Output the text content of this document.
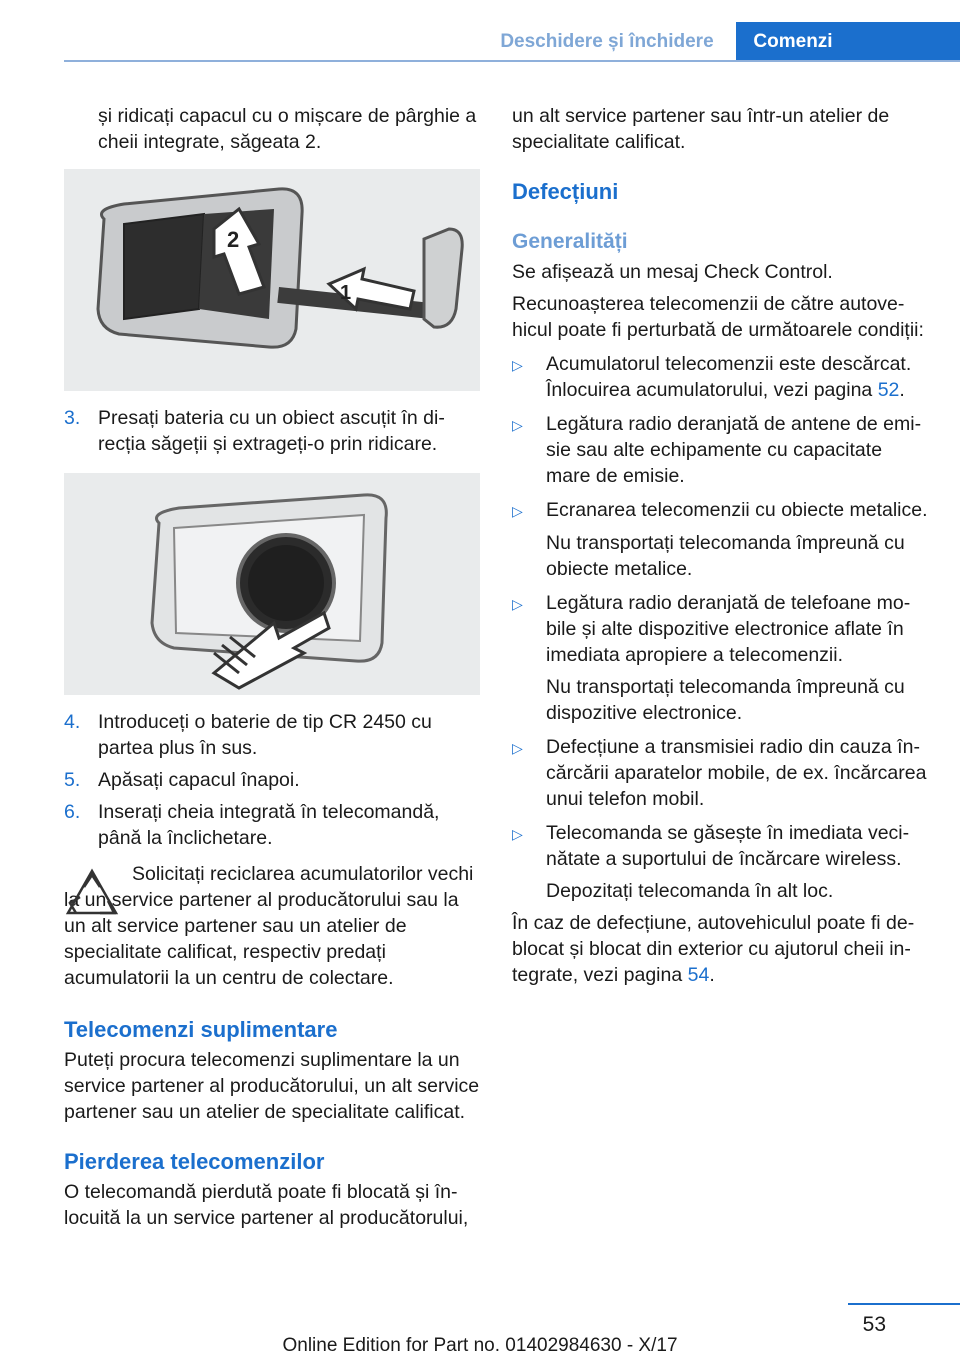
Deschidere și închidere	Comenzi

și ridicați capacul cu o mișcare de pârghie a cheii integrate, săgeata 2.

2
1
3. Presați bateria cu un obiect ascuțit în direcția săgeții și extrageți-o prin ridicare.
4. Introduceți o baterie de tip CR 2450 cu partea plus în sus.
5. Apăsați capacul înapoi.
6. Inserați cheia integrată în telecomandă, până la înclichetare.

Solicitați reciclarea acumulatorilor vechi la un service partener al producătorului sau la un alt service partener sau un atelier de specialitate calificat, respectiv predați acumulatorii la un centru de colectare.

Telecomenzi suplimentare

Puteți procura telecomenzi suplimentare la un service partener al producătorului, un alt service partener sau un atelier de specialitate calificat.

Pierderea telecomenzilor

O telecomandă pierdută poate fi blocată și înlocuită la un service partener al producătorului,

un alt service partener sau într-un atelier de specialitate calificat.

Defecțiuni
Generalități

Se afișează un mesaj Check Control.

Recunoașterea telecomenzii de către autovehicul poate fi perturbată de următoarele condiții:

▷	Acumulatorul telecomenzii este descărcat. Înlocuirea acumulatorului, vezi pagina 52.
▷	Legătura radio deranjată de antene de emisie sau alte echipamente cu capacitate mare de emisie.
▷	Ecranarea telecomenzii cu obiecte metalice.

Nu transportați telecomanda împreună cu obiecte metalice.

▷	Legătura radio deranjată de telefoane mobile și alte dispozitive electronice aflate în imediata apropiere a telecomenzii.

Nu transportați telecomanda împreună cu dispozitive electronice.

▷	Defecțiune a transmisiei radio din cauza încărcării aparatelor mobile, de ex. încărcarea unui telefon mobil.
▷	Telecomanda se găsește în imediata vecinătate a suportului de încărcare wireless.

Depozitați telecomanda în alt loc.

În caz de defecțiune, autovehiculul poate fi deblocat și blocat din exterior cu ajutorul cheii integrate, vezi pagina 54.

53
Online Edition for Part no. 01402984630 - X/17
